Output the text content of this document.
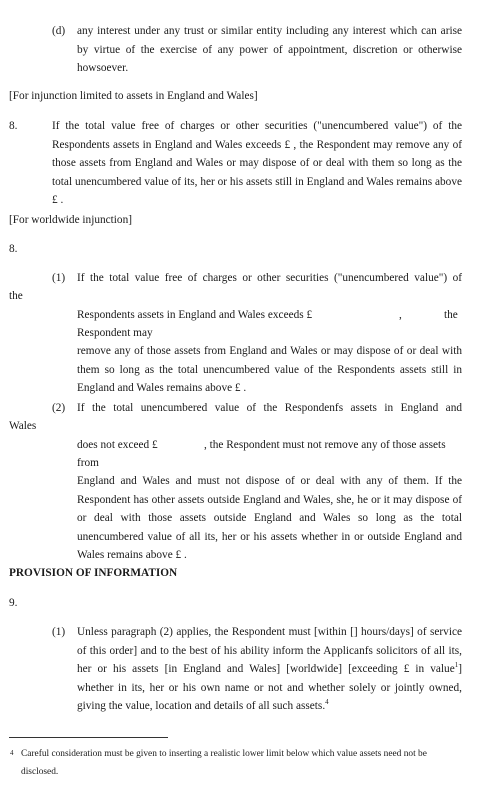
(d) any interest under any trust or similar entity including any interest which can arise by virtue of the exercise of any power of appointment, discretion or otherwise howsoever.

[For injunction limited to assets in England and Wales]

8.	If the total value free of charges or other securities ("unencumbered value") of the Respondents assets in England and Wales exceeds £ , the Respondent may remove any of those assets from England and Wales or may dispose of or deal with them so long as the total unencumbered value of its, her or his assets still in England and Wales remains above £ .

[For worldwide injunction]

8.
(1) If the total value free of charges or other securities ("unencumbered value") of

the

Respondents assets in England and Wales exceeds £	,	the

Respondent may

remove any of those assets from England and Wales or may dispose of or deal with them so long as the total unencumbered value of the Respondents assets still in England and Wales remains above £ .

(2) If the total unencumbered value of the Respondenfs assets in England and

Wales

does not exceed £	, the Respondent must not remove any of those assets

from

England and Wales and must not dispose of or deal with any of them. If the Respondent has other assets outside England and Wales, she, he or it may dispose of or deal with those assets outside England and Wales so long as the total unencumbered value of all its, her or his assets whether in or outside England and Wales remains above £ .

PROVISION OF INFORMATION

9.
(1) Unless paragraph (2) applies, the Respondent must [within [] hours/days] of service of this order] and to the best of his ability inform the Applicanfs solicitors of all its, her or his assets [in England and Wales] [worldwide] [exceeding £ in value$^1$] whether in its, her or his own name or not and whether solely or jointly owned, giving the value, location and details of all such assets.$^4$

4 Careful consideration must be given to inserting a realistic lower limit below which value assets need not be disclosed.
